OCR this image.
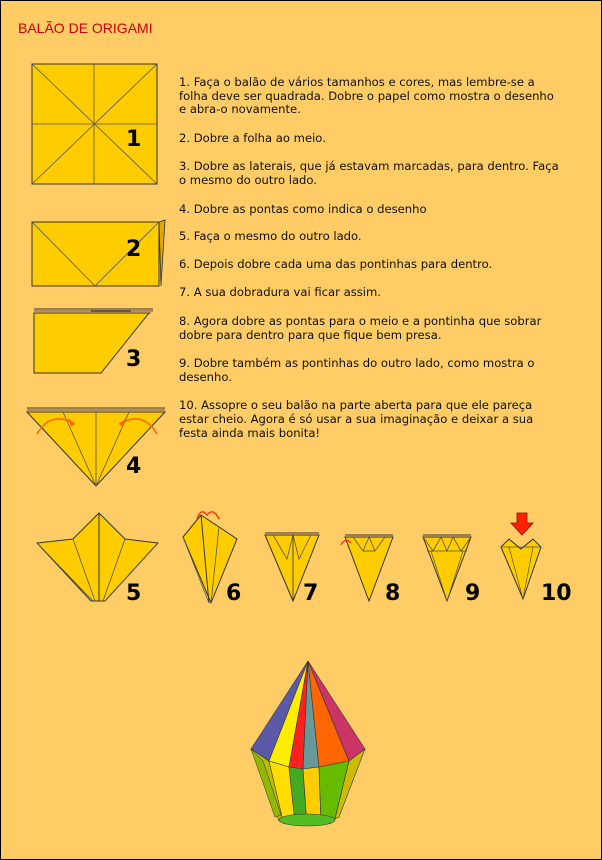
BALÃO DE ORIGAMI

1. Faça o balão de vários tamanhos e cores, mas lembre-se a folha deve ser quadrada. Dobre o papel como mostra o desenho e abra-o novamente.

2. Dobre a folha ao meio.

3. Dobre as laterais, que já estavam marcadas, para dentro. Faça o mesmo do outro lado.

4. Dobre as pontas como indica o desenho

5. Faça o mesmo do outro lado.

6. Depois dobre cada uma das pontinhas para dentro.

7. A sua dobradura vai ficar assim.

8. Agora dobre as pontas para o meio e a pontinha que sobrar dobre para dentro para que fique bem presa.

9. Dobre também as pontinhas do outro lado, como mostra o desenho.

10. Assopre o seu balão na parte aberta para que ele pareça estar cheio. Agora é só usar a sua imaginação e deixar a sua festa ainda mais bonita!

1
2
3
4
5	6	7	8	9	10
